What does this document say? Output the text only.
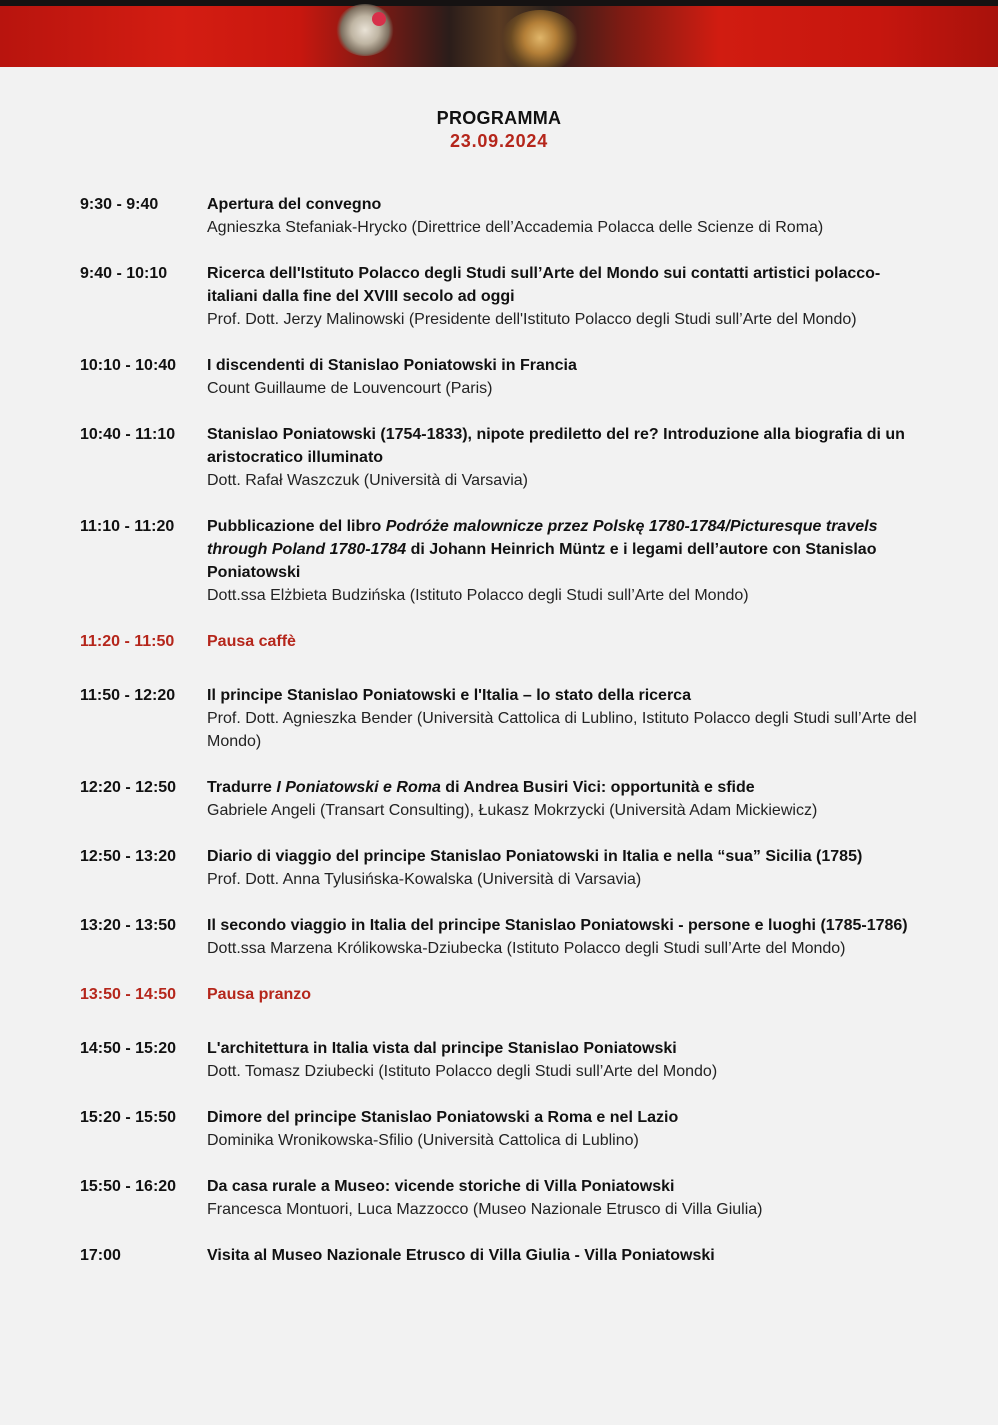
PROGRAMMA
23.09.2024
9:30 - 9:40	Apertura del convegno
Agnieszka Stefaniak-Hrycko (Direttrice dell’Accademia Polacca delle Scienze di Roma)
9:40 - 10:10	Ricerca dell'Istituto Polacco degli Studi sull’Arte del Mondo sui contatti artistici polacco-italiani dalla fine del XVIII secolo ad oggi
Prof. Dott. Jerzy Malinowski (Presidente dell'Istituto Polacco degli Studi sull’Arte del Mondo)
10:10 - 10:40	I discendenti di Stanislao Poniatowski in Francia
Count Guillaume de Louvencourt (Paris)
10:40 - 11:10	Stanislao Poniatowski (1754-1833), nipote prediletto del re? Introduzione alla biografia di un aristocratico illuminato
Dott. Rafał Waszczuk (Università di Varsavia)
11:10 - 11:20	Pubblicazione del libro Podróże malownicze przez Polskę 1780-1784/Picturesque travels through Poland 1780-1784 di Johann Heinrich Müntz e i legami dell’autore con Stanislao Poniatowski
Dott.ssa Elżbieta Budzińska (Istituto Polacco degli Studi sull’Arte del Mondo)
11:20 - 11:50	Pausa caffè
11:50 - 12:20	Il principe Stanislao Poniatowski e l'Italia – lo stato della ricerca
Prof. Dott. Agnieszka Bender (Università Cattolica di Lublino, Istituto Polacco degli Studi sull’Arte del Mondo)
12:20 - 12:50	Tradurre I Poniatowski e Roma di Andrea Busiri Vici: opportunità e sfide
Gabriele Angeli (Transart Consulting), Łukasz Mokrzycki (Università Adam Mickiewicz)
12:50 - 13:20	Diario di viaggio del principe Stanislao Poniatowski in Italia e nella “sua” Sicilia (1785)
Prof. Dott. Anna Tylusińska-Kowalska (Università di Varsavia)
13:20 - 13:50	Il secondo viaggio in Italia del principe Stanislao Poniatowski - persone e luoghi (1785-1786)
Dott.ssa Marzena Królikowska-Dziubecka (Istituto Polacco degli Studi sull’Arte del Mondo)
13:50 - 14:50	Pausa pranzo
14:50 - 15:20	L'architettura in Italia vista dal principe Stanislao Poniatowski
Dott. Tomasz Dziubecki (Istituto Polacco degli Studi sull’Arte del Mondo)
15:20 - 15:50	Dimore del principe Stanislao Poniatowski a Roma e nel Lazio
Dominika Wronikowska-Sfilio (Università Cattolica di Lublino)
15:50 - 16:20	Da casa rurale a Museo: vicende storiche di Villa Poniatowski
Francesca Montuori, Luca Mazzocco (Museo Nazionale Etrusco di Villa Giulia)
17:00	Visita al Museo Nazionale Etrusco di Villa Giulia - Villa Poniatowski
